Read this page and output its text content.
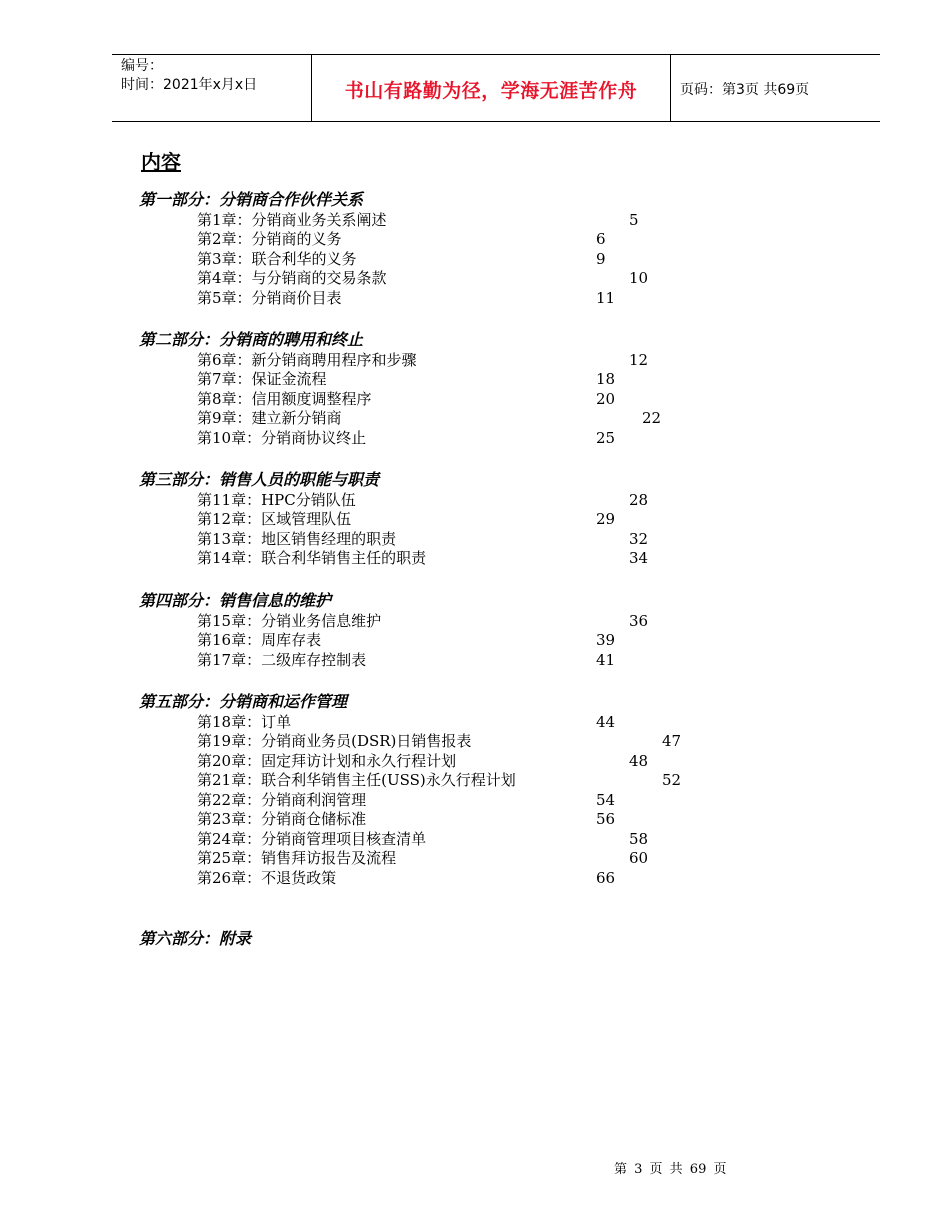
编号：
时间：2021年x月x日	书山有路勤为径，学海无涯苦作舟	页码：第3页 共69页
内容
第一部分：分销商合作伙伴关系
第1章：分销商业务关系阐述	5
第2章：分销商的义务	6
第3章：联合利华的义务	9
第4章：与分销商的交易条款	10
第5章：分销商价目表	11
第二部分：分销商的聘用和终止
第6章：新分销商聘用程序和步骤	12
第7章：保证金流程	18
第8章：信用额度调整程序	20
第9章：建立新分销商	22
第10章：分销商协议终止	25
第三部分：销售人员的职能与职责
第11章：HPC分销队伍	28
第12章：区域管理队伍	29
第13章：地区销售经理的职责	32
第14章：联合利华销售主任的职责	34
第四部分：销售信息的维护
第15章：分销业务信息维护	36
第16章：周库存表	39
第17章：二级库存控制表	41
第五部分：分销商和运作管理
第18章：订单	44
第19章：分销商业务员(DSR)日销售报表	47
第20章：固定拜访计划和永久行程计划	48
第21章：联合利华销售主任(USS)永久行程计划	52
第22章：分销商利润管理	54
第23章：分销商仓储标准	56
第24章：分销商管理项目核查清单	58
第25章：销售拜访报告及流程	60
第26章：不退货政策	66
第六部分：附录
第 3 页 共 69 页
